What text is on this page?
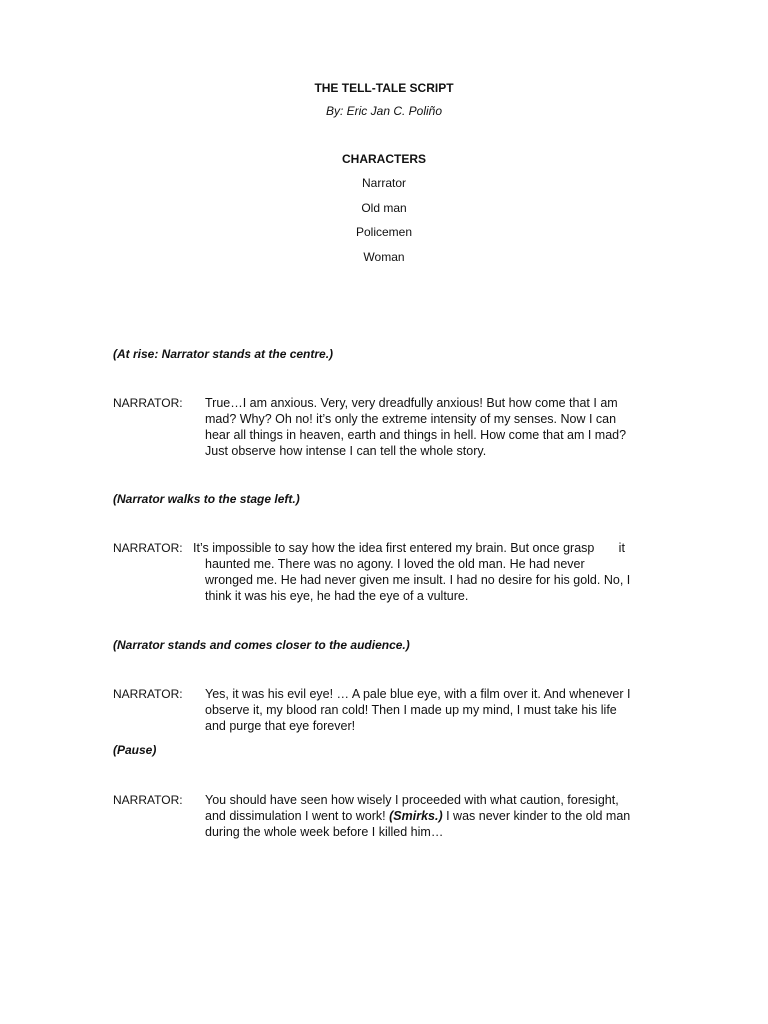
THE TELL-TALE SCRIPT
By: Eric Jan C. Poliño
CHARACTERS
Narrator
Old man
Policemen
Woman
(At rise: Narrator stands at the centre.)
NARRATOR: True…I am anxious. Very, very dreadfully anxious! But how come that I am

mad? Why? Oh no! it’s only the extreme intensity of my senses. Now I can

hear all things in heaven, earth and things in hell. How come that am I mad?

Just observe how intense I can tell the whole story.

(Narrator walks to the stage left.)
NARRATOR: It’s impossible to say how the idea first entered my brain. But once grasp       it

haunted me. There was no agony. I loved the old man. He had never

wronged me. He had never given me insult. I had no desire for his gold. No, I

think it was his eye, he had the eye of a vulture.

(Narrator stands and comes closer to the audience.)
NARRATOR: Yes, it was his evil eye! … A pale blue eye, with a film over it. And whenever I

observe it, my blood ran cold! Then I made up my mind, I must take his life

and purge that eye forever!

(Pause)
NARRATOR: You should have seen how wisely I proceeded with what caution, foresight,

and dissimulation I went to work! (Smirks.) I was never kinder to the old man

during the whole week before I killed him…
